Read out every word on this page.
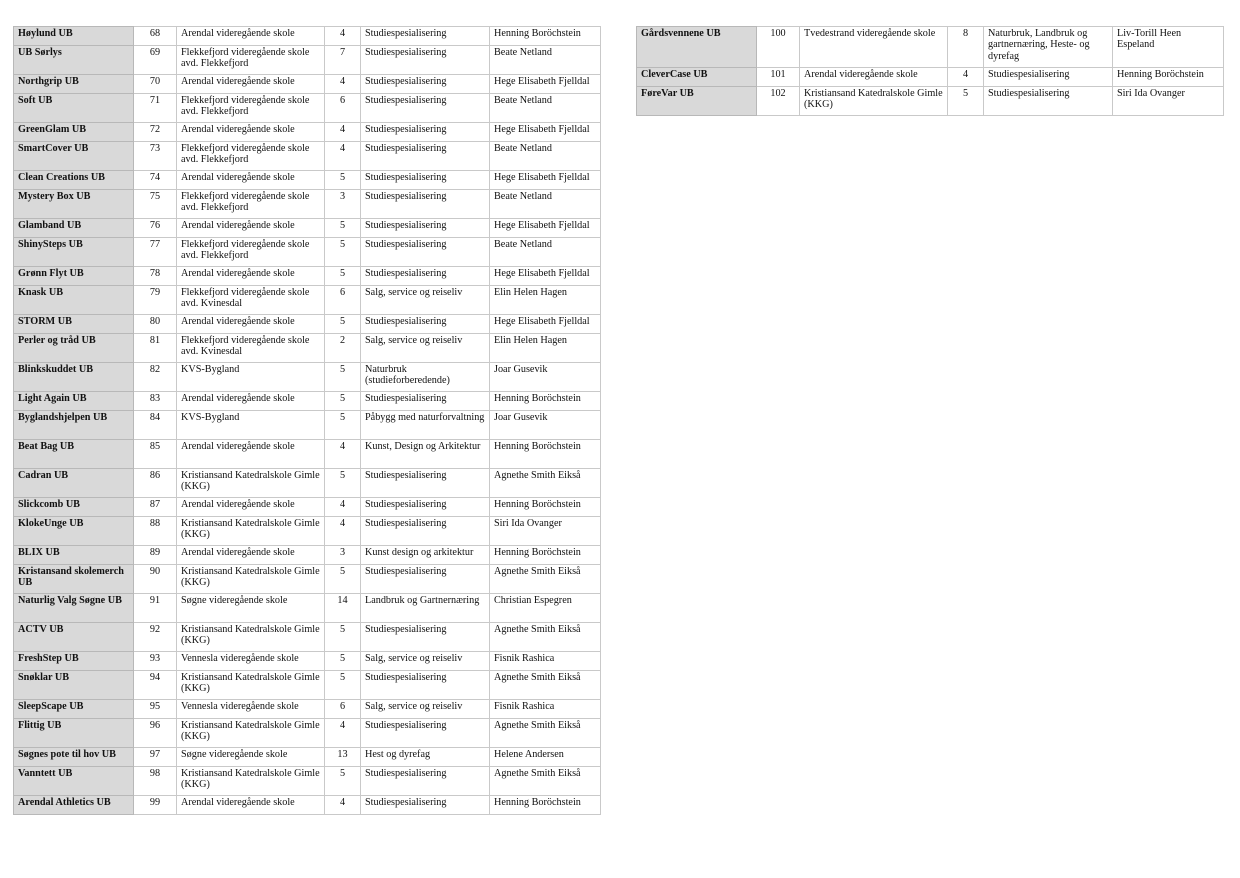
Høylund UB	68	Arendal videregående skole	4	Studiespesialisering	Henning Boröchstein
UB Sørlys	69	Flekkefjord videregående skole avd. Flekkefjord	7	Studiespesialisering	Beate Netland
Northgrip UB	70	Arendal videregående skole	4	Studiespesialisering	Hege Elisabeth Fjelldal
Soft UB	71	Flekkefjord videregående skole avd. Flekkefjord	6	Studiespesialisering	Beate Netland
GreenGlam UB	72	Arendal videregående skole	4	Studiespesialisering	Hege Elisabeth Fjelldal
SmartCover UB	73	Flekkefjord videregående skole avd. Flekkefjord	4	Studiespesialisering	Beate Netland
Clean Creations UB	74	Arendal videregående skole	5	Studiespesialisering	Hege Elisabeth Fjelldal
Mystery Box UB	75	Flekkefjord videregående skole avd. Flekkefjord	3	Studiespesialisering	Beate Netland
Glamband UB	76	Arendal videregående skole	5	Studiespesialisering	Hege Elisabeth Fjelldal
ShinySteps UB	77	Flekkefjord videregående skole avd. Flekkefjord	5	Studiespesialisering	Beate Netland
Grønn Flyt UB	78	Arendal videregående skole	5	Studiespesialisering	Hege Elisabeth Fjelldal
Knask UB	79	Flekkefjord videregående skole avd. Kvinesdal	6	Salg, service og reiseliv	Elin Helen Hagen
STORM UB	80	Arendal videregående skole	5	Studiespesialisering	Hege Elisabeth Fjelldal
Perler og tråd UB	81	Flekkefjord videregående skole avd. Kvinesdal	2	Salg, service og reiseliv	Elin Helen Hagen
Blinkskuddet UB	82	KVS-Bygland	5	Naturbruk (studieforberedende)	Joar Gusevik
Light Again UB	83	Arendal videregående skole	5	Studiespesialisering	Henning Boröchstein
Byglandshjelpen UB	84	KVS-Bygland	5	Påbygg med naturforvaltning	Joar Gusevik
Beat Bag UB	85	Arendal videregående skole	4	Kunst, Design og Arkitektur	Henning Boröchstein
Cadran UB	86	Kristiansand Katedralskole Gimle (KKG)	5	Studiespesialisering	Agnethe Smith Eikså
Slickcomb UB	87	Arendal videregående skole	4	Studiespesialisering	Henning Boröchstein
KlokeUnge UB	88	Kristiansand Katedralskole Gimle (KKG)	4	Studiespesialisering	Siri Ida Ovanger
BLIX UB	89	Arendal videregående skole	3	Kunst design og arkitektur	Henning Boröchstein
Kristansand skolemerch UB	90	Kristiansand Katedralskole Gimle (KKG)	5	Studiespesialisering	Agnethe Smith Eikså
Naturlig Valg Søgne UB	91	Søgne videregående skole	14	Landbruk og Gartnernæring	Christian Espegren
ACTV UB	92	Kristiansand Katedralskole Gimle (KKG)	5	Studiespesialisering	Agnethe Smith Eikså
FreshStep UB	93	Vennesla videregående skole	5	Salg, service og reiseliv	Fisnik Rashica
Snøklar UB	94	Kristiansand Katedralskole Gimle (KKG)	5	Studiespesialisering	Agnethe Smith Eikså
SleepScape UB	95	Vennesla videregående skole	6	Salg, service og reiseliv	Fisnik Rashica
Flittig UB	96	Kristiansand Katedralskole Gimle (KKG)	4	Studiespesialisering	Agnethe Smith Eikså
Søgnes pote til hov UB	97	Søgne videregående skole	13	Hest og dyrefag	Helene Andersen
Vanntett UB	98	Kristiansand Katedralskole Gimle (KKG)	5	Studiespesialisering	Agnethe Smith Eikså
Arendal Athletics UB	99	Arendal videregående skole	4	Studiespesialisering	Henning Boröchstein
Gårdsvennene UB	100	Tvedestrand videregående skole	8	Naturbruk, Landbruk og gartnernæring, Heste- og dyrefag	Liv-Torill Heen Espeland
CleverCase UB	101	Arendal videregående skole	4	Studiespesialisering	Henning Boröchstein
FøreVar UB	102	Kristiansand Katedralskole Gimle (KKG)	5	Studiespesialisering	Siri Ida Ovanger
